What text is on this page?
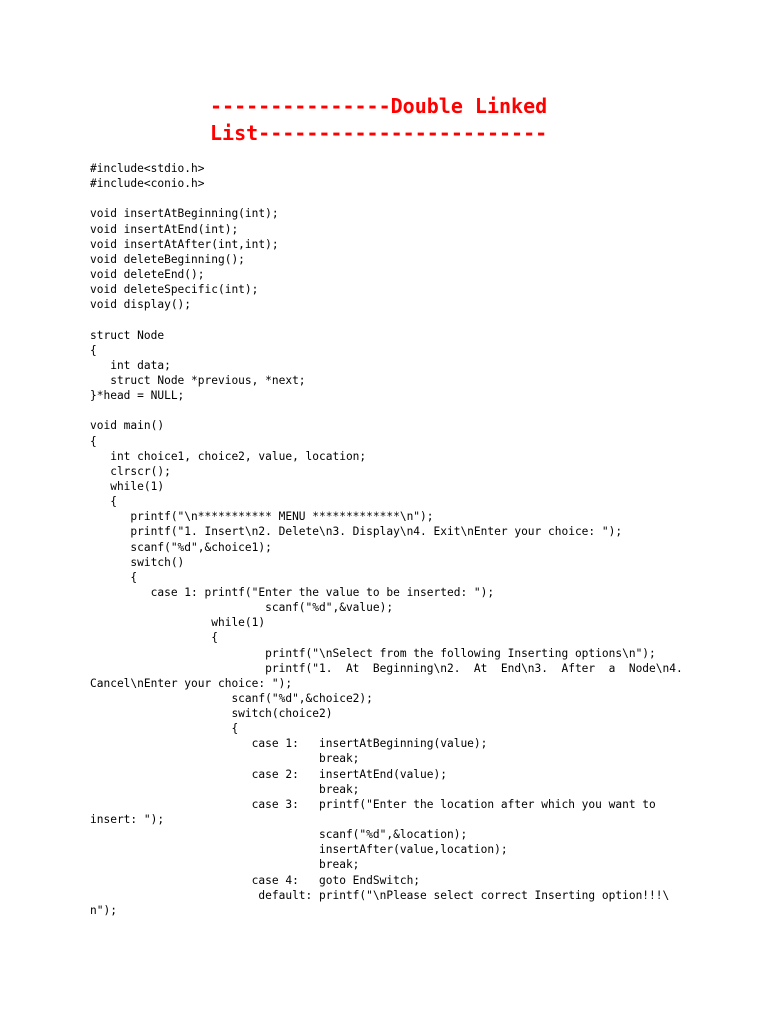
---------------Double Linked
List------------------------
#include<stdio.h>
#include<conio.h>
void insertAtBeginning(int);
void insertAtEnd(int);
void insertAtAfter(int,int);
void deleteBeginning();
void deleteEnd();
void deleteSpecific(int);
void display();
struct Node
{
int data;
struct Node *previous, *next;
}*head = NULL;
void main()
{
int choice1, choice2, value, location;
clrscr();
while(1)
{
printf("\n*********** MENU *************\n");
printf("1. Insert\n2. Delete\n3. Display\n4. Exit\nEnter your choice: ");
scanf("%d",&choice1);
switch()
{
case 1: printf("Enter the value to be inserted: ");
scanf("%d",&value);
while(1)
{
printf("\nSelect from the following Inserting options\n");
printf("1.  At  Beginning\n2.  At  End\n3.  After  a  Node\n4.
Cancel\nEnter your choice: ");
scanf("%d",&choice2);
switch(choice2)
{
case 1:   insertAtBeginning(value);
break;
case 2:   insertAtEnd(value);
break;
case 3:   printf("Enter the location after which you want to
insert: ");
scanf("%d",&location);
insertAfter(value,location);
break;
case 4:   goto EndSwitch;
default: printf("\nPlease select correct Inserting option!!!\
n");
